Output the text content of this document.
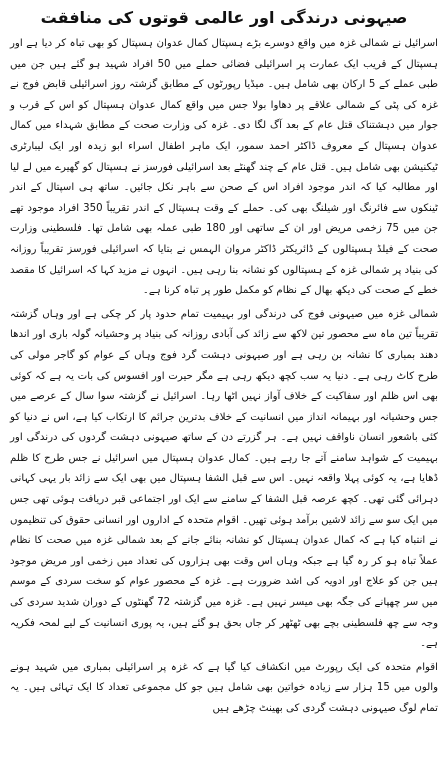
صیہونی درندگی اور عالمی قوتوں کی منافقت

اسرائیل نے شمالی غزہ میں واقع دوسرے بڑے ہسپتال کمال عدوان ہسپتال کو بھی تباہ کر دیا ہے اور ہسپتال کے قریب ایک عمارت پر اسرائیلی فضائی حملے میں 50 افراد شہید ہو گئے ہیں جن میں طبی عملے کے 5 ارکان بھی شامل ہیں۔ میڈیا رپورٹوں کے مطابق گزشتہ روز اسرائیلی قابض فوج نے غزہ کی پٹی کے شمالی علاقے پر دھاوا بولا جس میں واقع کمال عدوان ہسپتال کو اس کے قرب و جوار میں دہشتناک قتل عام کے بعد آگ لگا دی۔ غزہ کی وزارت صحت کے مطابق شہداء میں کمال عدوان ہسپتال کے معروف ڈاکٹر احمد سمور، ایک ماہر اطفال اسراء ابو زیدہ اور ایک لیبارٹری ٹیکنیشن بھی شامل ہیں۔ قتل عام کے چند گھنٹے بعد اسرائیلی فورسز نے ہسپتال کو گھیرے میں لے لیا اور مطالبہ کیا کہ اندر موجود افراد اس کے صحن سے باہر نکل جائیں۔ ساتھ ہی اسپتال کے اندر ٹینکوں سے فائرنگ اور شیلنگ بھی کی۔ حملے کے وقت ہسپتال کے اندر تقریباً 350 افراد موجود تھے جن میں 75 زخمی مریض اور ان کے ساتھی اور 180 طبی عملہ بھی شامل تھا۔ فلسطینی وزارت صحت کے فیلڈ ہسپتالوں کے ڈائریکٹر ڈاکٹر مروان الہمس نے بتایا کہ اسرائیلی فورسز تقریباً روزانہ کی بنیاد پر شمالی غزہ کے ہسپتالوں کو نشانہ بنا رہی ہیں۔ انہوں نے مزید کہا کہ اسرائیل کا مقصد خطے کے صحت کی دیکھ بھال کے نظام کو مکمل طور پر تباہ کرنا ہے۔

شمالی غزہ میں صیہونی فوج کی درندگی اور بہیمیت تمام حدود پار کر چکی ہے اور وہاں گزشتہ تقریباً تین ماہ سے محصور تین لاکھ سے زائد کی آبادی روزانہ کی بنیاد پر وحشیانہ گولہ باری اور اندھا دھند بمباری کا نشانہ بن رہی ہے اور صیہونی دہشت گرد فوج وہاں کے عوام کو گاجر مولی کی طرح کاٹ رہی ہے۔ دنیا یہ سب کچھ دیکھ رہی ہے مگر حیرت اور افسوس کی بات یہ ہے کہ کوئی بھی اس ظلم اور سفاکیت کے خلاف آواز نہیں اٹھا رہا۔ اسرائیل نے گزشتہ سوا سال کے عرصے میں جس وحشیانہ اور بہیمانہ انداز میں انسانیت کے خلاف بدترین جرائم کا ارتکاب کیا ہے، اس نے دنیا کو کئی باشعور انسان ناواقف نہیں ہے۔ ہر گزرتے دن کے ساتھ صیہونی دہشت گردوں کی درندگی اور بہیمیت کے شواہد سامنے آتے جا رہے ہیں۔ کمال عدوان ہسپتال میں اسرائیل نے جس طرح کا ظلم ڈھایا ہے، یہ کوئی پہلا واقعہ نہیں۔ اس سے قبل الشفا ہسپتال میں بھی ایک سے زائد بار یہی کہانی دہرائی گئی تھی۔ کچھ عرصہ قبل الشفا کے سامنے سے ایک اور اجتماعی قبر دریافت ہوئی تھی جس میں ایک سو سے زائد لاشیں برآمد ہوئی تھیں۔ اقوام متحدہ کے اداروں اور انسانی حقوق کی تنظیموں نے انتباہ کیا ہے کہ کمال عدوان ہسپتال کو نشانہ بنائے جانے کے بعد شمالی غزہ میں صحت کا نظام عملاً تباہ ہو کر رہ گیا ہے جبکہ وہاں اس وقت بھی ہزاروں کی تعداد میں زخمی اور مریض موجود ہیں جن کو علاج اور ادویہ کی اشد ضرورت ہے۔ غزہ کے محصور عوام کو سخت سردی کے موسم میں سر چھپانے کی جگہ بھی میسر نہیں ہے۔ غزہ میں گزشتہ 72 گھنٹوں کے دوران شدید سردی کی وجہ سے چھ فلسطینی بچے بھی ٹھٹھر کر جاں بحق ہو گئے ہیں، یہ پوری انسانیت کے لیے لمحہ فکریہ ہے۔

اقوام متحدہ کی ایک رپورٹ میں انکشاف کیا گیا ہے کہ غزہ پر اسرائیلی بمباری میں شہید ہونے والوں میں 15 ہزار سے زیادہ خواتین بھی شامل ہیں جو کل مجموعی تعداد کا ایک تہائی ہیں۔ یہ تمام لوگ صیہونی دہشت گردی کی بھینٹ چڑھے ہیں
